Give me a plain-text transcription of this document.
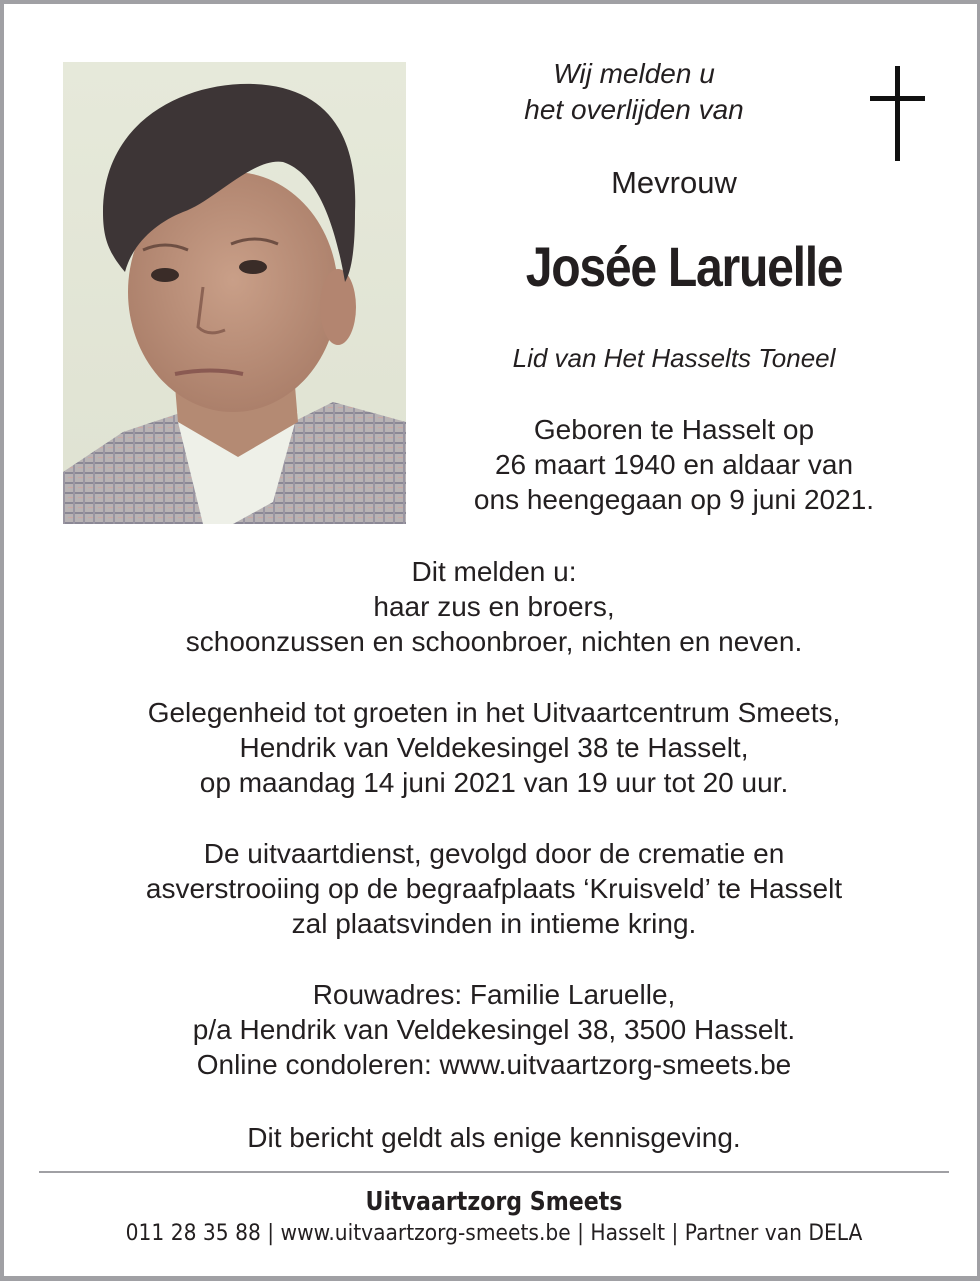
Wij melden u
het overlijden van
Mevrouw
Josée Laruelle
Lid van Het Hasselts Toneel
Geboren te Hasselt op
26 maart 1940 en aldaar van
ons heengegaan op 9 juni 2021.
Dit melden u:
haar zus en broers,
schoonzussen en schoonbroer, nichten en neven.
Gelegenheid tot groeten in het Uitvaartcentrum Smeets,
Hendrik van Veldekesingel 38 te Hasselt,
op maandag 14 juni 2021 van 19 uur tot 20 uur.
De uitvaartdienst, gevolgd door de crematie en
asverstrooiing op de begraafplaats ‘Kruisveld’ te Hasselt
zal plaatsvinden in intieme kring.
Rouwadres: Familie Laruelle,
p/a Hendrik van Veldekesingel 38, 3500 Hasselt.
Online condoleren: www.uitvaartzorg-smeets.be
Dit bericht geldt als enige kennisgeving.
Uitvaartzorg Smeets
011 28 35 88 | www.uitvaartzorg-smeets.be | Hasselt | Partner van DELA
